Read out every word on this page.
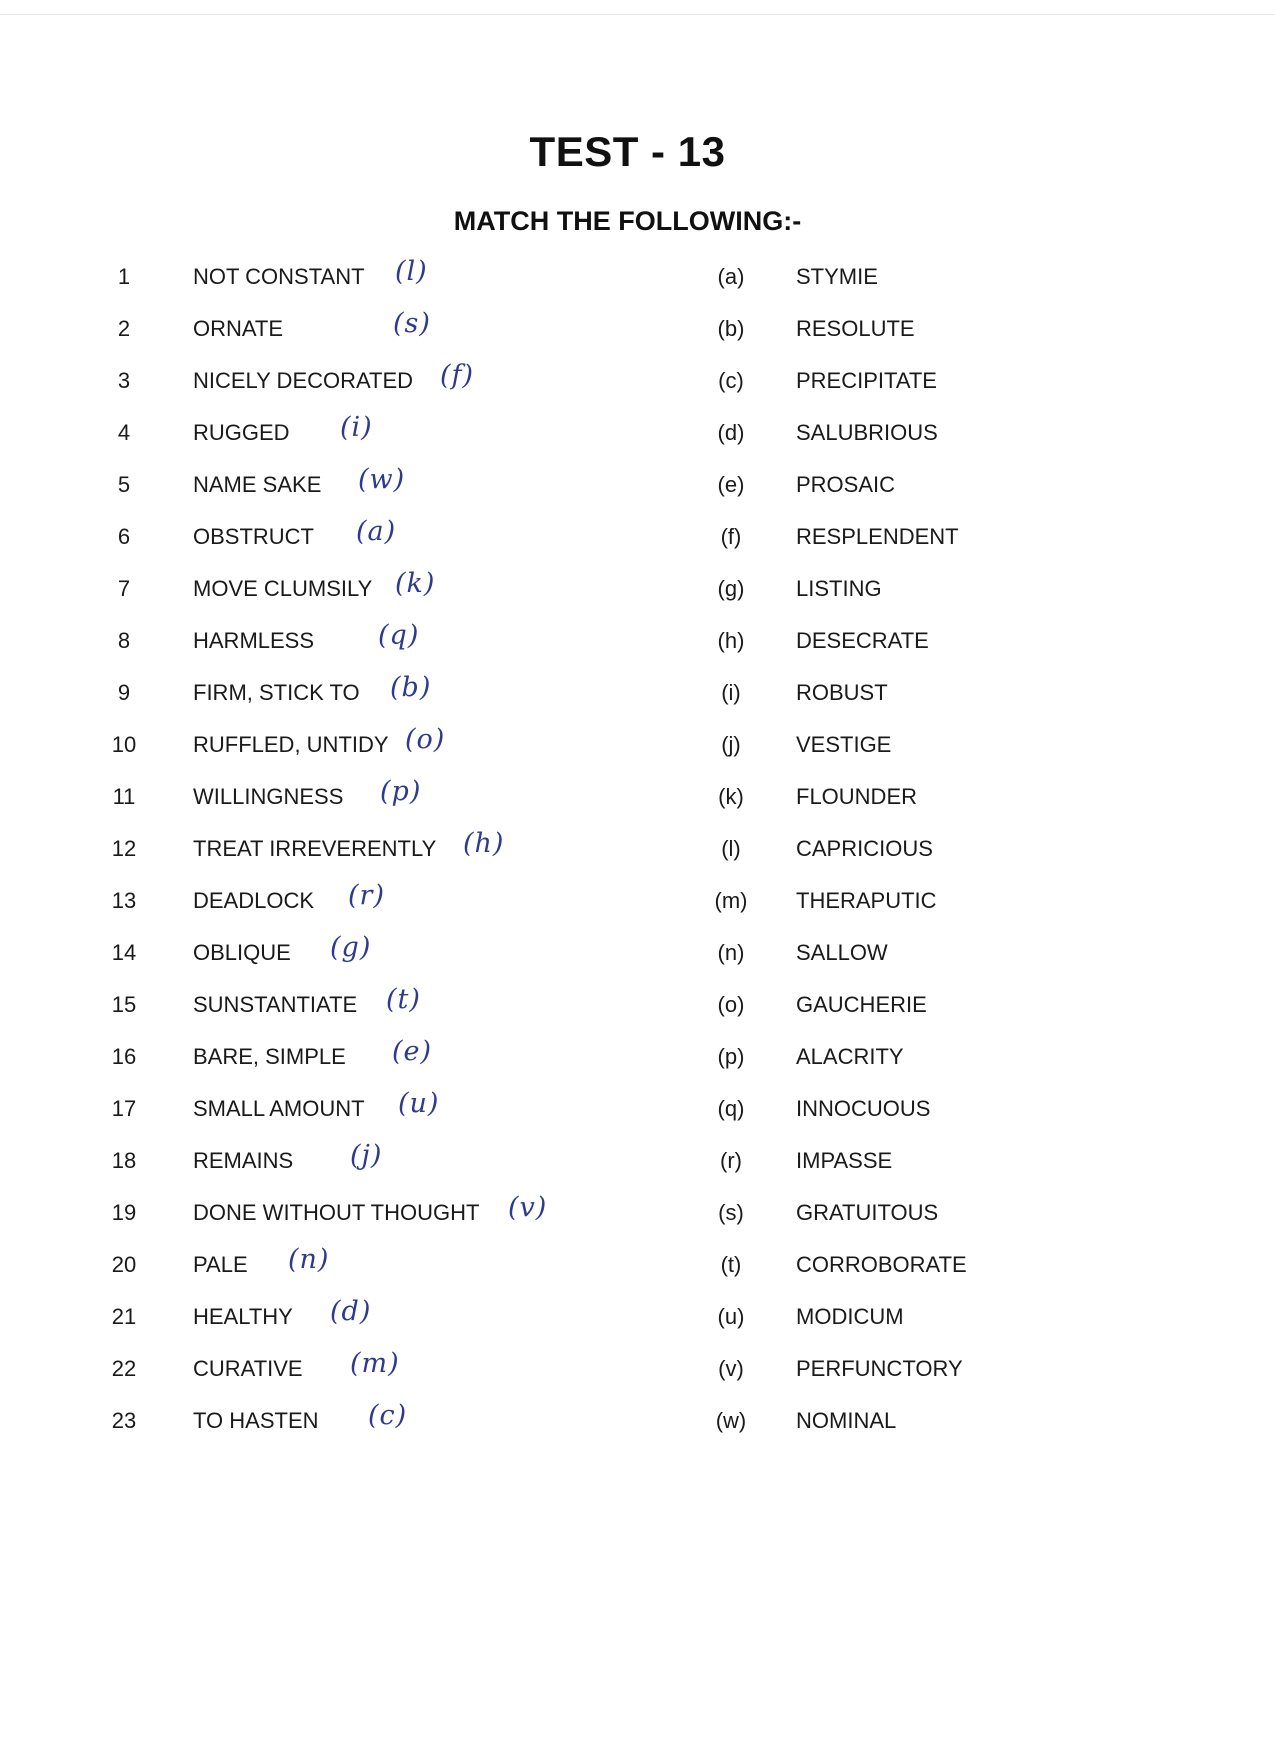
TEST - 13
MATCH THE FOLLOWING:-
1	NOT CONSTANT (l)	(a)	STYMIE
2	ORNATE	(s)	(b)	RESOLUTE
3	NICELY DECORATED (f)	(c)	PRECIPITATE
4	RUGGED (i)	(d)	SALUBRIOUS
5	NAME SAKE (w)	(e)	PROSAIC
6	OBSTRUCT (a)	(f)	RESPLENDENT
7	MOVE CLUMSILY (k)	(g)	LISTING
8	HARMLESS (q)	(h)	DESECRATE
9	FIRM, STICK TO (b)	(i)	ROBUST
10	RUFFLED, UNTIDY (o)	(j)	VESTIGE
11	WILLINGNESS (p)	(k)	FLOUNDER
12	TREAT IRREVERENTLY (h)	(l)	CAPRICIOUS
13	DEADLOCK (r)	(m)	THERAPUTIC
14	OBLIQUE (g)	(n)	SALLOW
15	SUNSTANTIATE (t)	(o)	GAUCHERIE
16	BARE, SIMPLE (e)	(p)	ALACRITY
17	SMALL AMOUNT (u)	(q)	INNOCUOUS
18	REMAINS (j)	(r)	IMPASSE
19	DONE WITHOUT THOUGHT (v)	(s)	GRATUITOUS
20	PALE (n)	(t)	CORROBORATE
21	HEALTHY (d)	(u)	MODICUM
22	CURATIVE (m)	(v)	PERFUNCTORY
23	TO HASTEN (c)	(w)	NOMINAL
